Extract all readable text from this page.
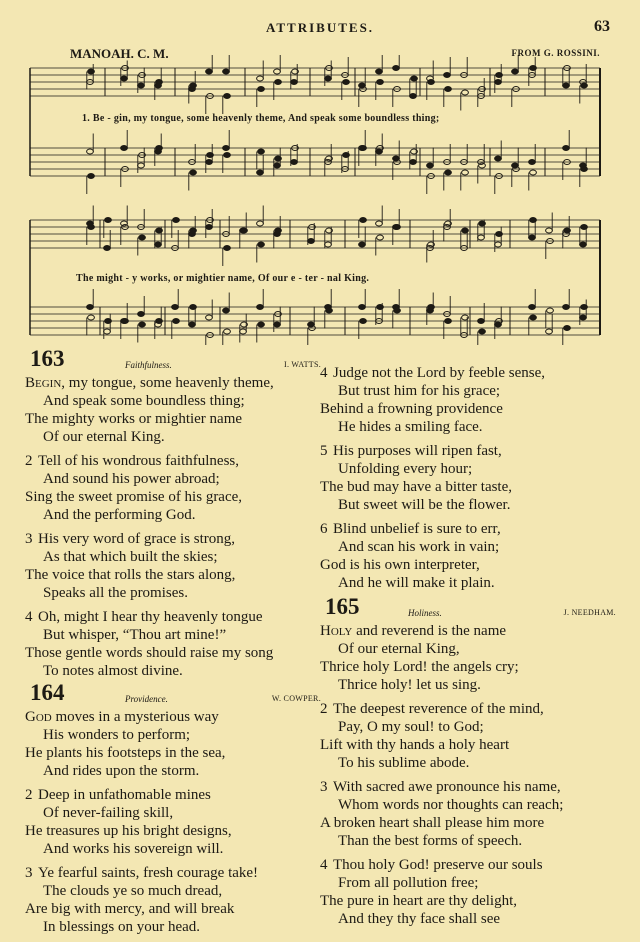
ATTRIBUTES.	63
MANOAH. C. M.	FROM G. ROSSINI.
1. Be - gin, my tongue, some heavenly theme, And speak some boundless thing;
The might - y works, or mightier name, Of our e - ter - nal King.
163	Faithfulness.	I. WATTS.
Begin, my tongue, some heavenly theme,
And speak some boundless thing;
The mighty works or mightier name
Of our eternal King.
2 Tell of his wondrous faithfulness,
And sound his power abroad;
Sing the sweet promise of his grace,
And the performing God.
3 His very word of grace is strong,
As that which built the skies;
The voice that rolls the stars along,
Speaks all the promises.
4 Oh, might I hear thy heavenly tongue
But whisper, “Thou art mine!”
Those gentle words should raise my song
To notes almost divine.
164	Providence.	W. COWPER.
God moves in a mysterious way
His wonders to perform;
He plants his footsteps in the sea,
And rides upon the storm.
2 Deep in unfathomable mines
Of never-failing skill,
He treasures up his bright designs,
And works his sovereign will.
3 Ye fearful saints, fresh courage take!
The clouds ye so much dread,
Are big with mercy, and will break
In blessings on your head.
4 Judge not the Lord by feeble sense,
But trust him for his grace;
Behind a frowning providence
He hides a smiling face.
5 His purposes will ripen fast,
Unfolding every hour;
The bud may have a bitter taste,
But sweet will be the flower.
6 Blind unbelief is sure to err,
And scan his work in vain;
God is his own interpreter,
And he will make it plain.
165	Holiness.	J. NEEDHAM.
Holy and reverend is the name
Of our eternal King,
Thrice holy Lord! the angels cry;
Thrice holy! let us sing.
2 The deepest reverence of the mind,
Pay, O my soul! to God;
Lift with thy hands a holy heart
To his sublime abode.
3 With sacred awe pronounce his name,
Whom words nor thoughts can reach;
A broken heart shall please him more
Than the best forms of speech.
4 Thou holy God! preserve our souls
From all pollution free;
The pure in heart are thy delight,
And they thy face shall see
